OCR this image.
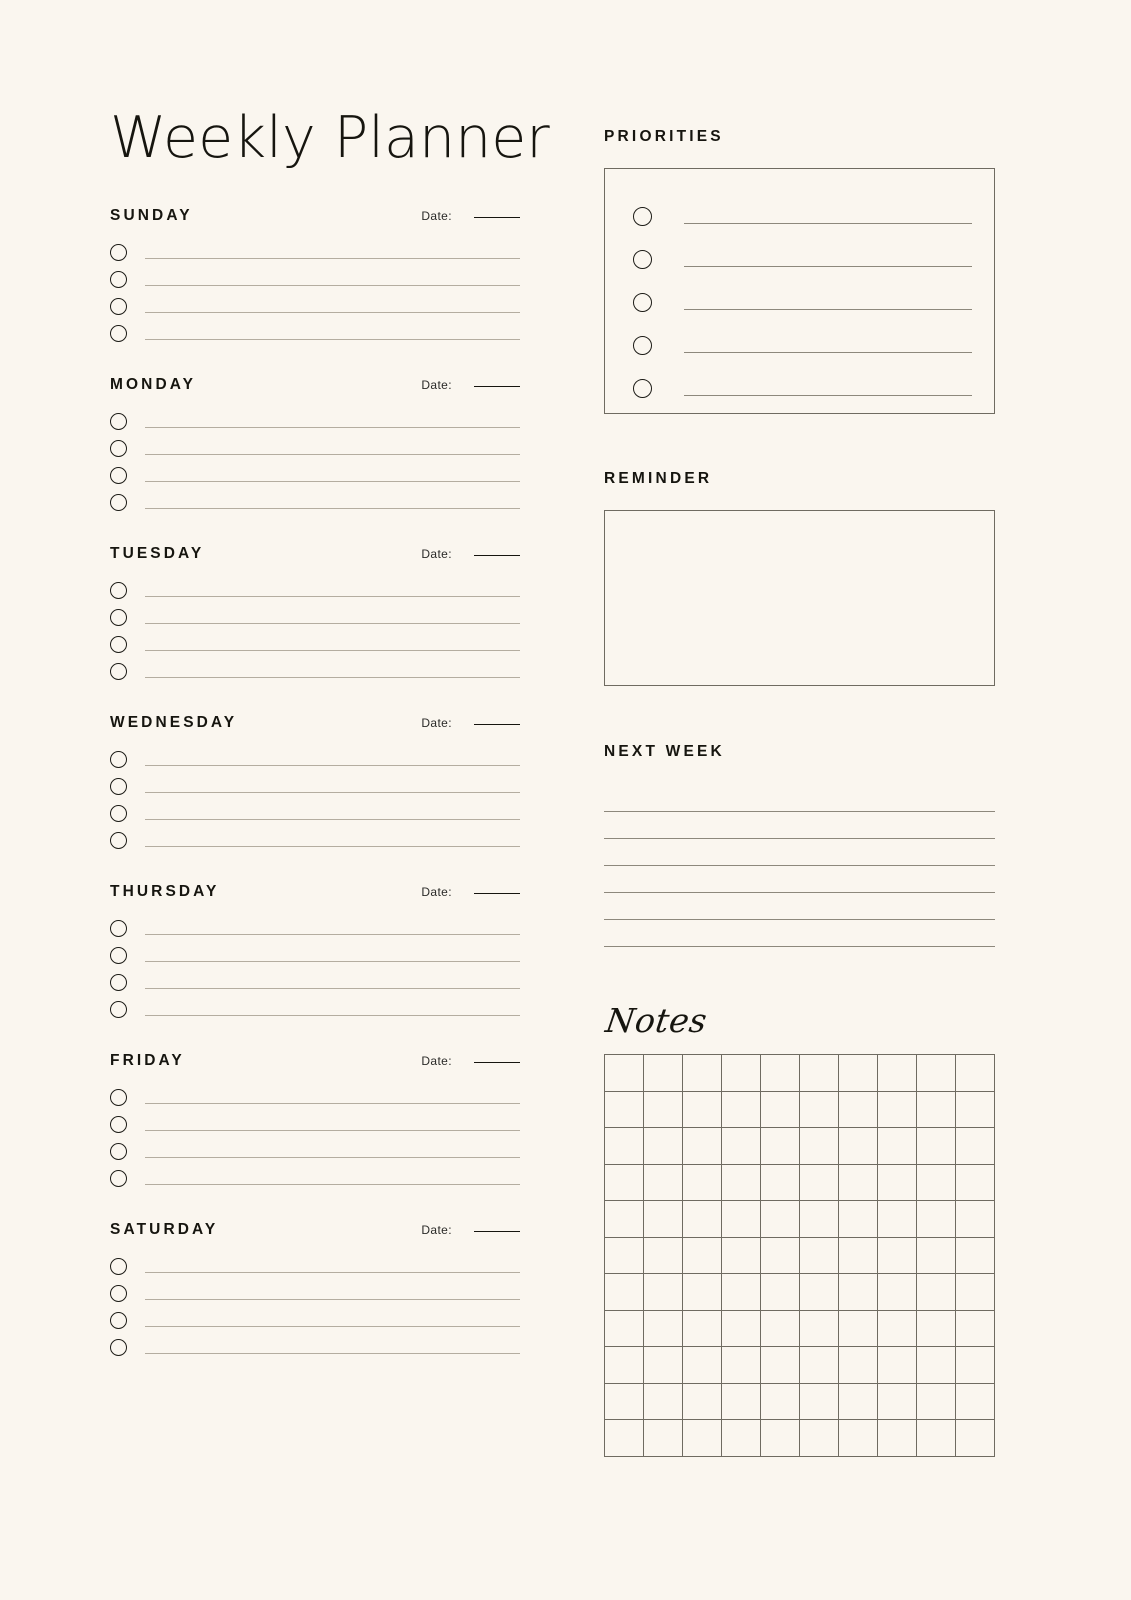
Weekly Planner
SUNDAY	Date:
MONDAY	Date:
TUESDAY	Date:
WEDNESDAY	Date:
THURSDAY	Date:
FRIDAY	Date:
SATURDAY	Date:
PRIORITIES
REMINDER
NEXT WEEK
Notes
